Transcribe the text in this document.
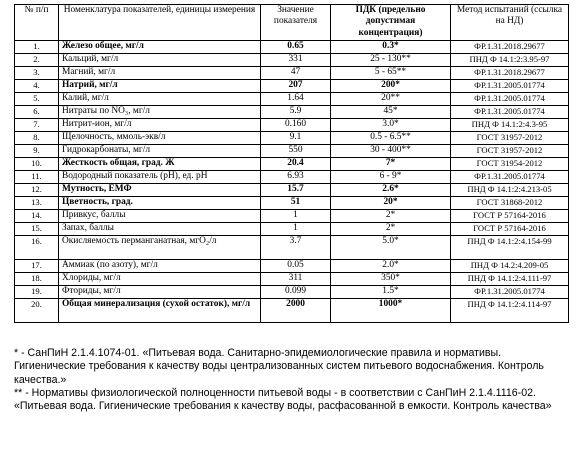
№ п/п	Номенклатура показателей, единицы измерения	Значение показателя	ПДК (предельно допустимая концентрация)	Метод испытаний (ссылка на НД)
1.	Железо общее, мг/л	0.65	0.3*	ФР.1.31.2018.29677
2.	Кальций, мг/л	331	25 - 130**	ПНД Ф 14.1:2:3.95-97
3.	Магний, мг/л	47	5 - 65**	ФР.1.31.2018.29677
4.	Натрий, мг/л	207	200*	ФР.1.31.2005.01774
5.	Калий, мг/л	1.64	20**	ФР.1.31.2005.01774
6.	Нитраты по NO₃, мг/л	5.9	45*	ФР.1.31.2005.01774
7.	Нитрит-ион, мг/л	0.160	3.0*	ПНД Ф 14.1:2:4.3-95
8.	Щелочность, ммоль-экв/л	9.1	0.5 - 6.5**	ГОСТ 31957-2012
9.	Гидрокарбонаты, мг/л	550	30 - 400**	ГОСТ 31957-2012
10.	Жесткость общая, град. Ж	20.4	7*	ГОСТ 31954-2012
11.	Водородный показатель (pH), ед. pH	6.93	6 - 9*	ФР.1.31.2005.01774
12.	Мутность, ЕМФ	15.7	2.6*	ПНД Ф 14.1:2:4.213-05
13.	Цветность, град.	51	20*	ГОСТ 31868-2012
14.	Привкус, баллы	1	2*	ГОСТ Р 57164-2016
15.	Запах, баллы	1	2*	ГОСТ Р 57164-2016
16.	Окисляемость перманганатная, мгО₂/л	3.7	5.0*	ПНД Ф 14.1:2:4.154-99
17.	Аммиак (по азоту), мг/л	0.05	2.0*	ПНД Ф 14.2:4.209-05
18.	Хлориды, мг/л	311	350*	ПНД Ф 14.1:2:4.111-97
19.	Фториды, мг/л	0.099	1.5*	ФР.1.31.2005.01774
20.	Общая минерализация (сухой остаток), мг/л	2000	1000*	ПНД Ф 14.1:2:4.114-97

* - СанПиН 2.1.4.1074-01. «Питьевая вода. Санитарно-эпидемиологические правила и нормативы. Гигиенические требования к качеству воды централизованных систем питьевого водоснабжения. Контроль качества.»

** - Нормативы физиологической полноценности питьевой воды - в соответствии с СанПиН 2.1.4.1116-02. «Питьевая вода. Гигиенические требования к качеству воды, расфасованной в емкости. Контроль качества»
